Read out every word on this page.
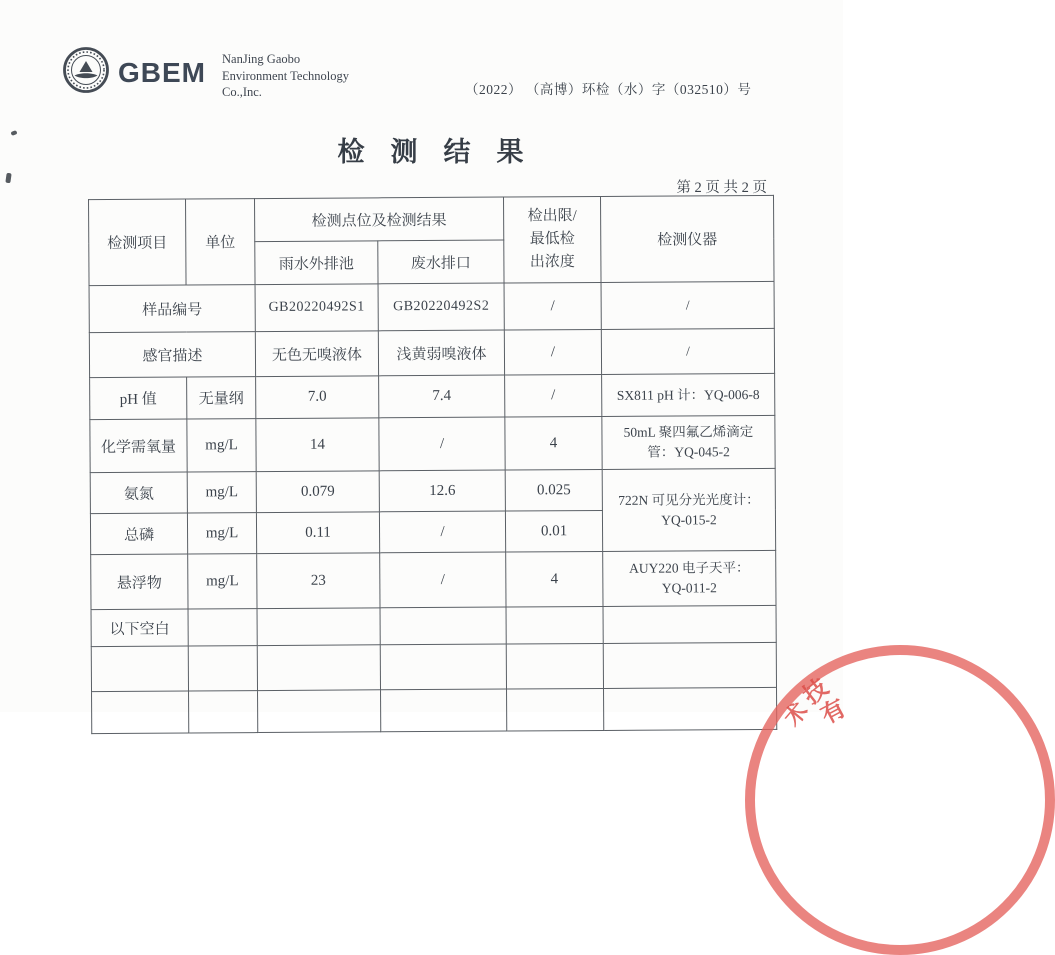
GBEM NanJing Gaobo
Environment Technology
Co.,Inc.	（2022） （高博）环检（水）字（032510）号
检测结果
第 2 页 共 2 页
检测项目	单位	检测点位及检测结果		检出限/
最低检
出浓度	检测仪器
		雨水外排池	废水排口		
样品编号		GB20220492S1	GB20220492S2	/	/
感官描述		无色无嗅液体	浅黄弱嗅液体	/	/
pH 值	无量纲	7.0	7.4	/	SX811 pH 计：YQ-006-8
化学需氧量	mg/L	14	/	4	50mL 聚四氟乙烯滴定
管：YQ-045-2

氨氮	mg/L	0.079	12.6	0.025	722N 可见分光光度计：
YQ-015-2

总磷	mg/L	0.11	/	0.01	
悬浮物	mg/L	23	/	4	AUY220 电子天平：
YQ-011-2

以下空白					

术
技
有
